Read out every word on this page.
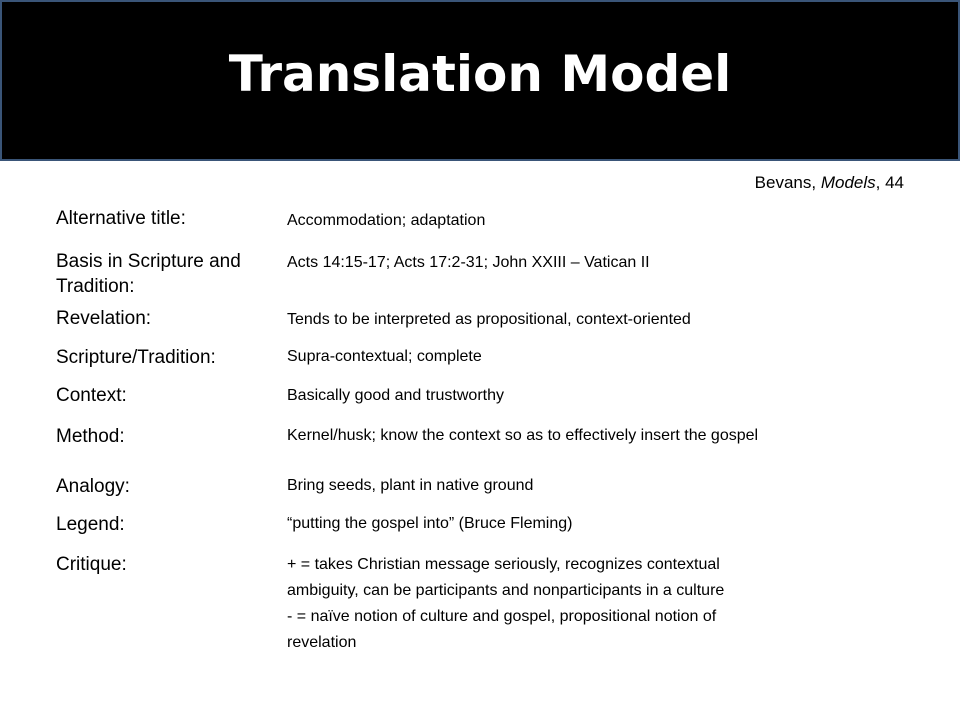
Translation Model
Bevans, Models, 44
Alternative title:	Accommodation; adaptation
Basis in Scripture and Tradition:
Acts 14:15-17; Acts 17:2-31; John XXIII – Vatican II
Revelation:	Tends to be interpreted as propositional, context-oriented
Scripture/Tradition:	Supra-contextual; complete
Context:	Basically good and trustworthy
Method:	Kernel/husk; know the context so as to effectively insert the gospel
Analogy:	Bring seeds, plant in native ground
Legend:	“putting the gospel into” (Bruce Fleming)
Critique:	+ = takes Christian message seriously, recognizes contextual
ambiguity, can be participants and nonparticipants in a culture
- = naïve notion of culture and gospel, propositional notion of
revelation
